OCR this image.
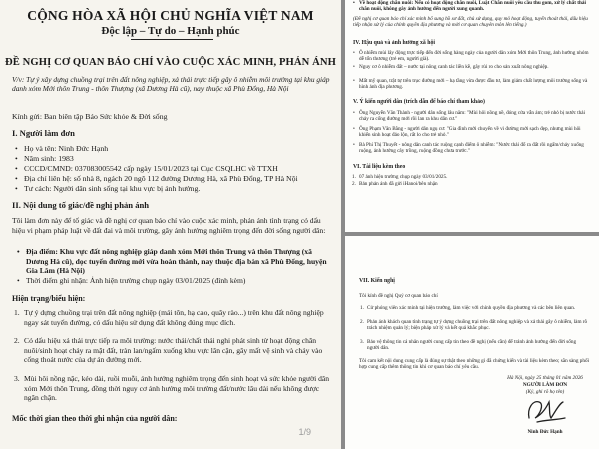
CỘNG HÒA XÃ HỘI CHỦ NGHĨA VIỆT NAM
Độc lập – Tự do – Hạnh phúc
ĐỀ NGHỊ CƠ QUAN BÁO CHÍ VÀO CUỘC XÁC MINH, PHẢN ÁNH
V/v: Tự ý xây dựng chuồng trại trên đất nông nghiệp, xả thải trực tiếp gây ô nhiễm môi trường tại khu giáp danh xóm Mới thôn Trung - thôn Thượng (xã Dương Hà cũ), nay thuộc xã Phù Đổng, Hà Nội
Kính gửi: Ban biên tập Báo Sức khỏe & Đời sống
I. Người làm đơn
• Họ và tên: Ninh Đức Hạnh
• Năm sinh: 1983
• CCCD/CMND: 037083005542 cấp ngày 15/01/2023 tại Cục CSQLHC về TTXH
• Địa chỉ liên hệ: số nhà 8, ngách 20 ngõ 112 đường Dương Hà, xã Phù Đổng, TP Hà Nội
• Tư cách: Người dân sinh sống tại khu vực bị ảnh hưởng.
II. Nội dung tố giác/đề nghị phản ánh
Tôi làm đơn này để tố giác và đề nghị cơ quan báo chí vào cuộc xác minh, phản ánh tình trạng có dấu hiệu vi phạm pháp luật về đất đai và môi trường, gây ảnh hưởng nghiêm trọng đến đời sống người dân:
• Địa điểm: Khu vực đất nông nghiệp giáp danh xóm Mới thôn Trung và thôn Thượng (xã Dương Hà cũ), dọc tuyến đường mới vừa hoàn thành, nay thuộc địa bàn xã Phù Đổng, huyện Gia Lâm (Hà Nội)
• Thời điểm ghi nhận: Ảnh hiện trường chụp ngày 03/01/2025 (đính kèm)
Hiện trạng/biểu hiện:
1. Tự ý dựng chuồng trại trên đất nông nghiệp (mái tôn, hạ cao, quây rào...) trên khu đất nông nghiệp ngay sát tuyến đường, có dấu hiệu sử dụng đất không đúng mục đích.
2. Có dấu hiệu xả thải trực tiếp ra môi trường: nước thải/chất thải nghi phát sinh từ hoạt động chăn nuôi/sinh hoạt chảy ra mặt đất, tràn lan/ngấm xuống khu vực lân cận, gây mất vệ sinh và chảy vào cống thoát nước của dự án đường mới.
3. Mùi hôi nồng nặc, kéo dài, ruồi muỗi, ảnh hưởng nghiêm trọng đến sinh hoạt và sức khỏe người dân xóm Mới thôn Trung, đồng thời nguy cơ ảnh hưởng môi trường đất/nước lâu dài nếu không được ngăn chặn.
Mốc thời gian theo thời ghi nhận của người dân:
1/9
• Về hoạt động chăn nuôi: Nếu có hoạt động chăn nuôi, Luật Chăn nuôi yêu cầu thu gom, xử lý chất thải chăn nuôi, không gây ảnh hưởng đến người xung quanh.
(Đề nghị cơ quan báo chí xác minh bổ sung hồ sơ đất, chủ sử dụng, quy mô hoạt động, tuyến thoát thải, dấu hiệu tiếp nhận xử lý của chính quyền địa phương và mời cơ quan chuyên môn lên tiếng.)
IV. Hậu quả và ảnh hưởng xã hội
• Ô nhiễm mùi lây động trực tiếp đến đời sống hàng ngày của người dân xóm Mới thôn Trung, ảnh hưởng nhóm dễ tổn thương (trẻ em, người già).
• Nguy cơ ô nhiễm đất – nước tại nông canh tác liền kề, gây rủi ro cho sản xuất nông nghiệp.
• Mất mỹ quan, trật tự trên trục đường mới – hạ tầng vừa được đầu tư, làm giảm chất lượng môi trường sống và hình ảnh địa phương.
V. Ý kiến người dân (trích dẫn để báo chí tham khảo)
• Ông Nguyễn Văn Thành - người dân sống lâu năm: "Mùi hôi nồng nề, đóng cửa vẫn ám; trẻ nhỏ bị nước thải chảy ra cống đường mới rồi lan ra khu dân cư."
• Ông Phạm Văn Bằng - người dân ngụ cư: "Gia đình mới chuyển về vì đường mới sạch đẹp, nhưng mùi hôi khiến sinh hoạt đảo lộn, rất lo cho trẻ nhỏ."
• Bà Phí Thị Thuyết - nông dân canh tác ruộng cạnh điểm ô nhiễm: "Nước thải đổ ra đất rồi ngấm/chảy xuống ruộng, ảnh hưởng cây trồng, ruộng đồng chưa trước."
VI. Tài liệu kèm theo
1. 07 ảnh hiện trường chụp ngày 03/01/2025.
2. Bản phản ánh đã gửi iHanoi/bên nhận
VII. Kiến nghị
Tôi kính đề nghị Quý cơ quan báo chí
1. Cử phóng viên xác minh tại hiện trường, làm việc với chính quyền địa phương và các bên liên quan.
2. Phản ánh khách quan tình trạng tự ý dựng chuồng trại trên đất nông nghiệp và xả thải gây ô nhiễm, làm rõ trách nhiệm quản lý; biện pháp xử lý và kết quả khắc phục.
3. Bảo vệ thông tin cá nhân người cung cấp tin theo đề nghị (nếu cần) để tránh ảnh hưởng đến đời sống người dân.
Tôi cam kết nội dung cung cấp là đúng sự thật theo những gì đã chứng kiến và tài liệu kèm theo; sẵn sàng phối hợp cung cấp thêm thông tin khi cơ quan báo chí yêu cầu.
Hà Nội, ngày 25 tháng 01 năm 2026
NGƯỜI LÀM ĐƠN
(Ký, ghi rõ họ tên)
Ninh Đức Hạnh
